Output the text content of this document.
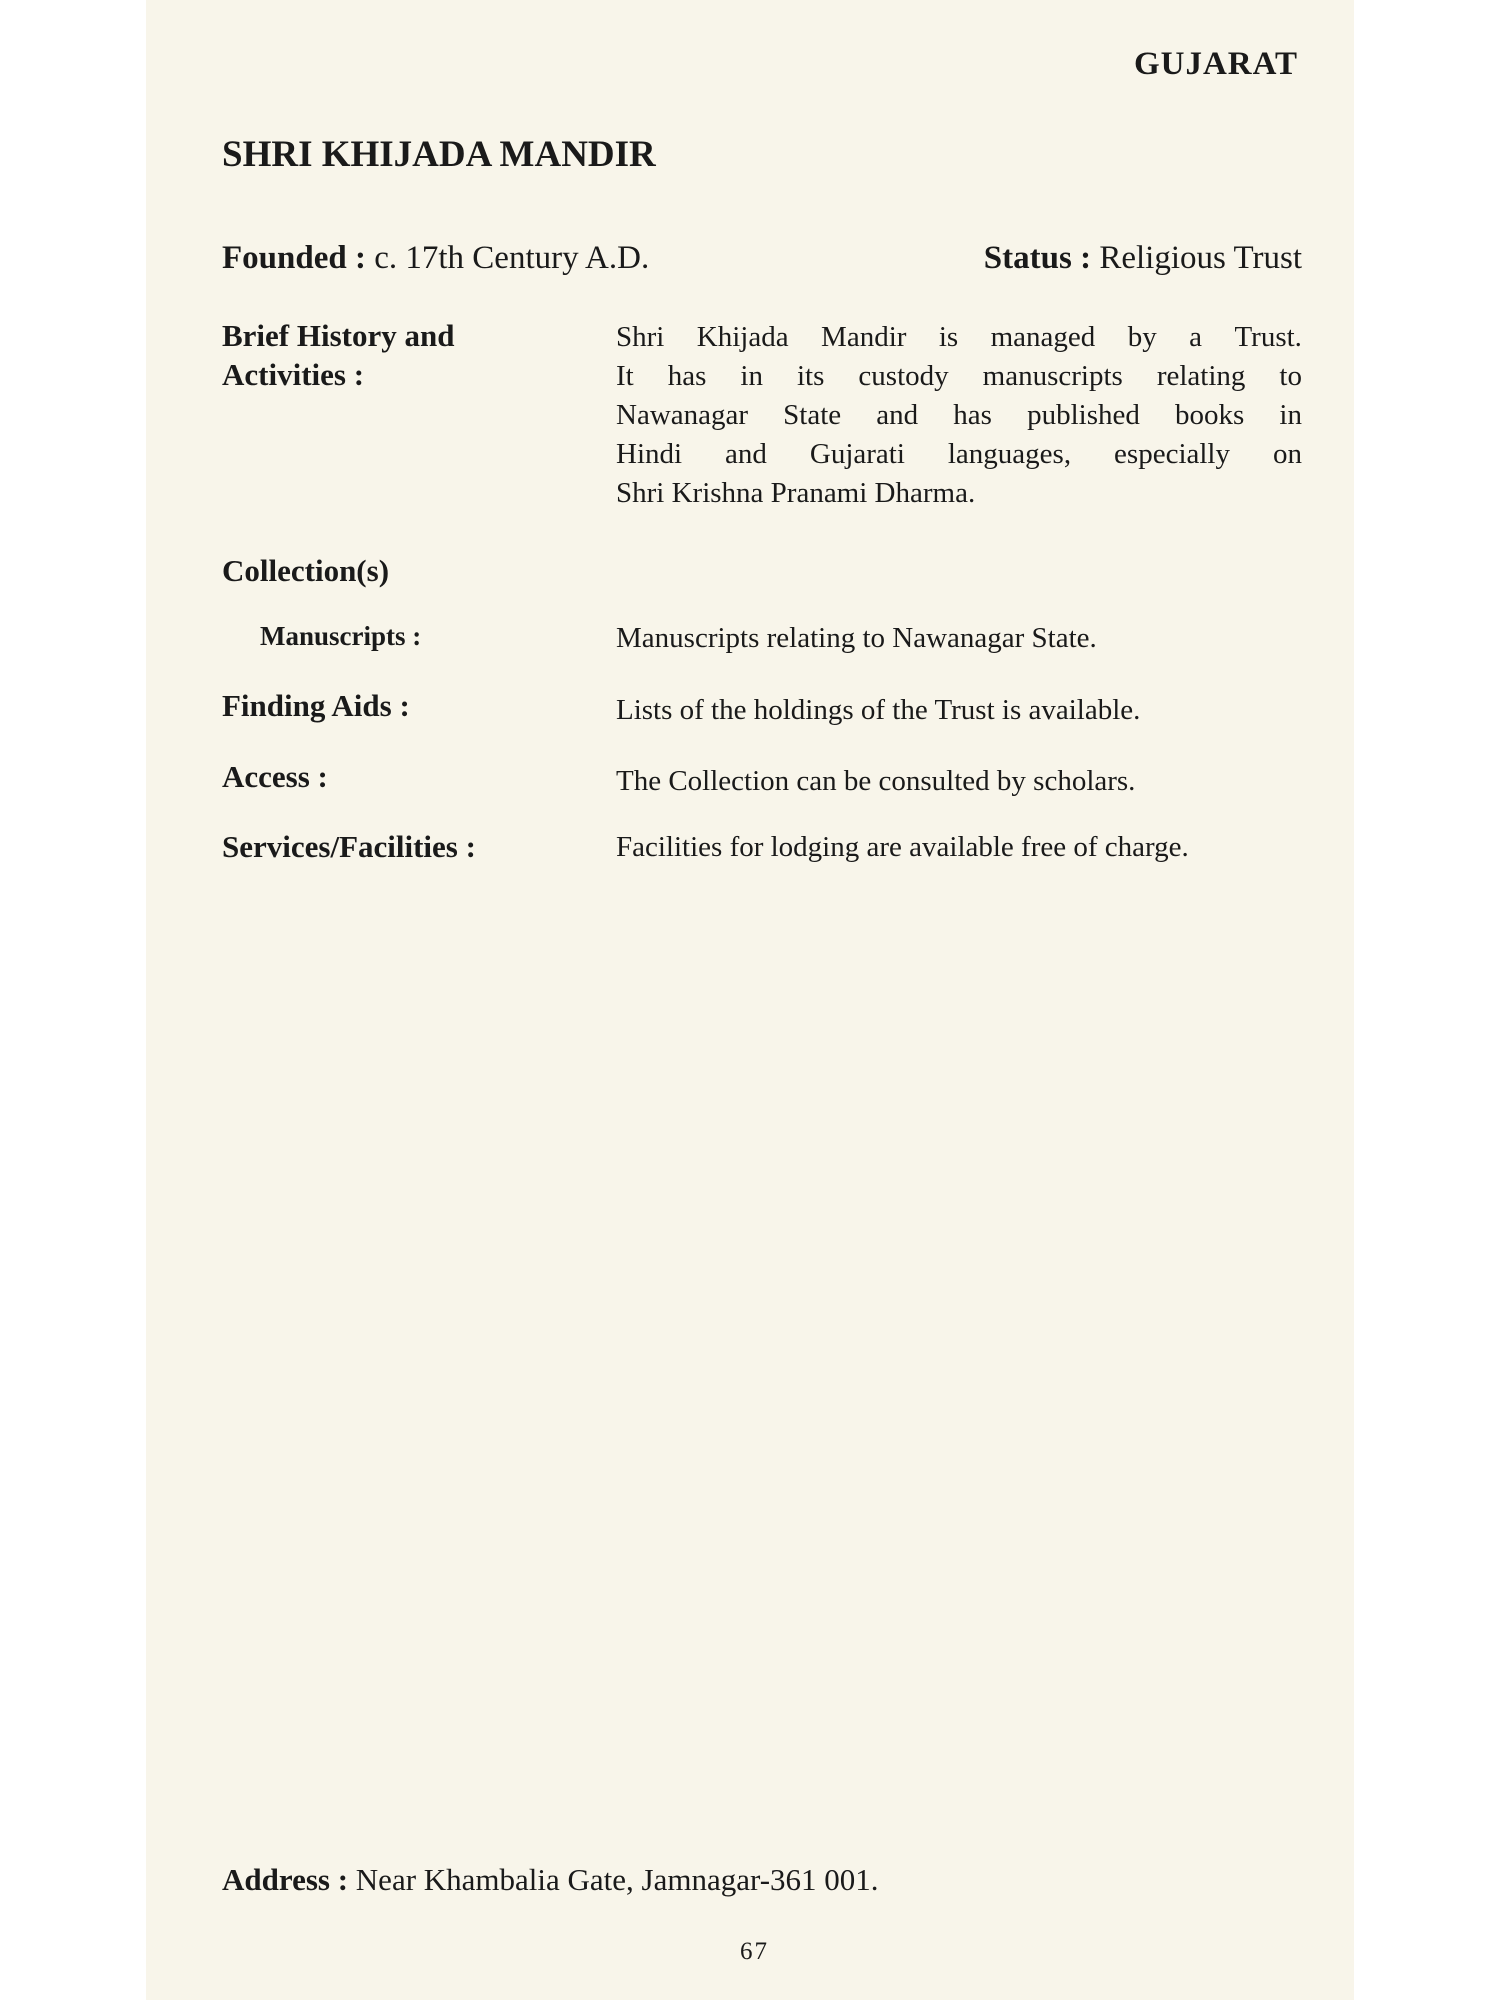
GUJARAT
SHRI KHIJADA MANDIR
Founded : c. 17th Century A.D.	Status : Religious Trust
Brief History and
Activities :
Shri Khijada Mandir is managed by a Trust.
It has in its custody manuscripts relating to
Nawanagar State and has published books in
Hindi and Gujarati languages, especially on
Shri Krishna Pranami Dharma.
Collection(s)
Manuscripts :	Manuscripts relating to Nawanagar State.
Finding Aids :	Lists of the holdings of the Trust is available.
Access :	The Collection can be consulted by scholars.
Services/Facilities :	Facilities for lodging are available free of charge.
Address : Near Khambalia Gate, Jamnagar-361 001.
67
